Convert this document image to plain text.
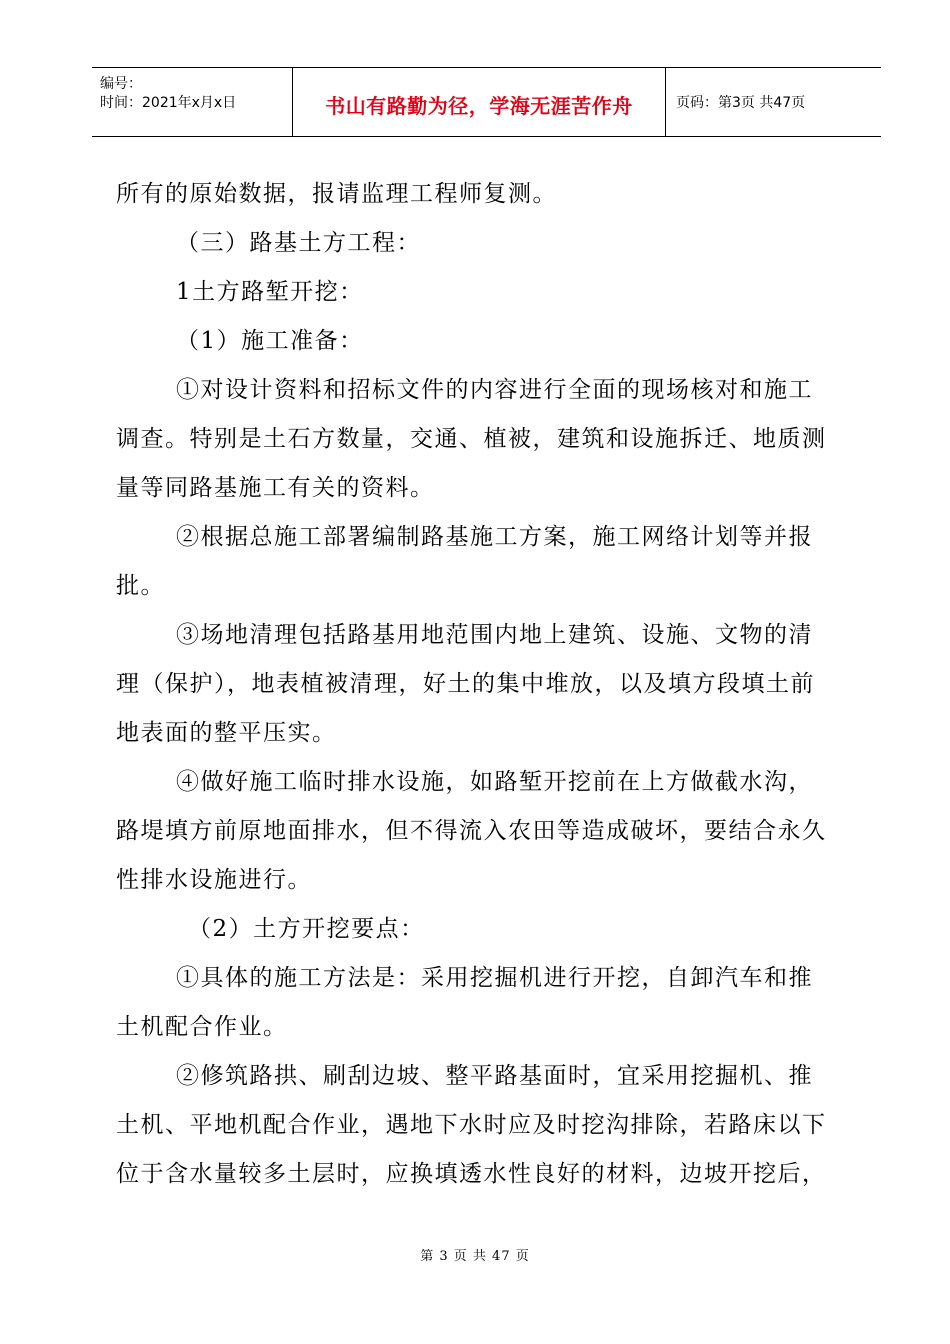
编号：
时间：2021年x月x日	书山有路勤为径，学海无涯苦作舟	页码：第3页 共47页
所有的原始数据，报请监理工程师复测。
（三）路基土方工程：
1土方路堑开挖：
（1）施工准备：
①对设计资料和招标文件的内容进行全面的现场核对和施工
调查。特别是土石方数量，交通、植被，建筑和设施拆迁、地质测
量等同路基施工有关的资料。
②根据总施工部署编制路基施工方案，施工网络计划等并报
批。
③场地清理包括路基用地范围内地上建筑、设施、文物的清
理（保护），地表植被清理，好土的集中堆放，以及填方段填土前
地表面的整平压实。
④做好施工临时排水设施，如路堑开挖前在上方做截水沟，
路堤填方前原地面排水，但不得流入农田等造成破坏，要结合永久
性排水设施进行。
（2）土方开挖要点：
①具体的施工方法是：采用挖掘机进行开挖，自卸汽车和推
土机配合作业。
②修筑路拱、刷刮边坡、整平路基面时，宜采用挖掘机、推
土机、平地机配合作业，遇地下水时应及时挖沟排除，若路床以下
位于含水量较多土层时，应换填透水性良好的材料，边坡开挖后，
第 3 页 共 47 页
